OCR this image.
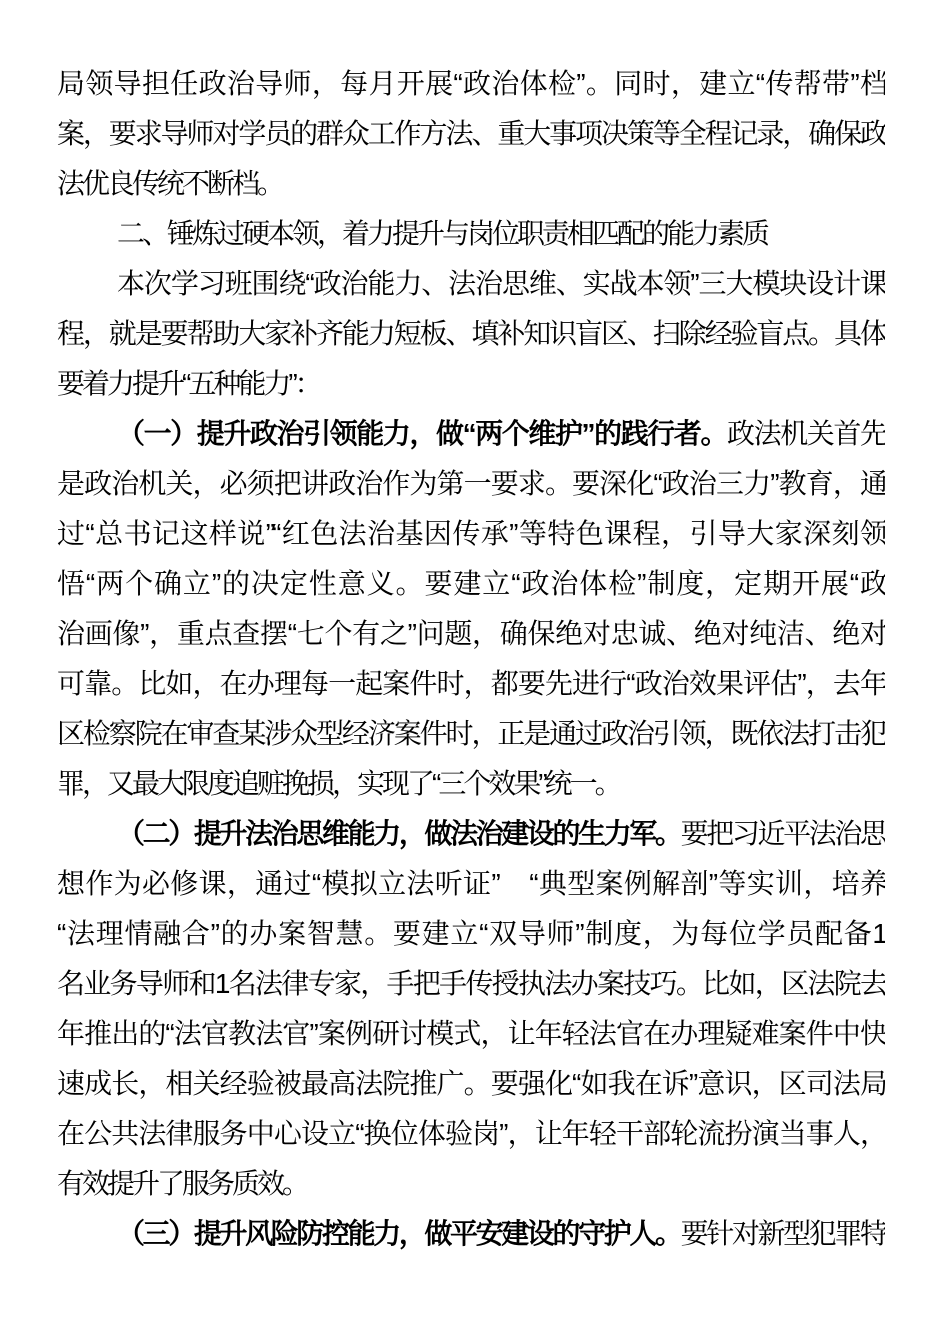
局领导担任政治导师，每月开展“政治体检”。同时，建立“传帮带”档
案，要求导师对学员的群众工作方法、重大事项决策等全程记录，确保政
法优良传统不断档。
二、锤炼过硬本领，着力提升与岗位职责相匹配的能力素质
本次学习班围绕“政治能力、法治思维、实战本领”三大模块设计课
程，就是要帮助大家补齐能力短板、填补知识盲区、扫除经验盲点。具体
要着力提升“五种能力”：
（一）提升政治引领能力，做“两个维护”的践行者。政法机关首先
是政治机关，必须把讲政治作为第一要求。要深化“政治三力”教育，通
过“总书记这样说”“红色法治基因传承”等特色课程，引导大家深刻领
悟“两个确立”的决定性意义。要建立“政治体检”制度，定期开展“政
治画像”，重点查摆“七个有之”问题，确保绝对忠诚、绝对纯洁、绝对
可靠。比如，在办理每一起案件时，都要先进行“政治效果评估”，去年
区检察院在审查某涉众型经济案件时，正是通过政治引领，既依法打击犯
罪，又最大限度追赃挽损，实现了“三个效果”统一。
（二）提升法治思维能力，做法治建设的生力军。要把习近平法治思
想作为必修课，通过“模拟立法听证”　“典型案例解剖”等实训，培养
“法理情融合”的办案智慧。要建立“双导师”制度，为每位学员配备1
名业务导师和1名法律专家，手把手传授执法办案技巧。比如，区法院去
年推出的“法官教法官”案例研讨模式，让年轻法官在办理疑难案件中快
速成长，相关经验被最高法院推广。要强化“如我在诉”意识，区司法局
在公共法律服务中心设立“换位体验岗”，让年轻干部轮流扮演当事人，
有效提升了服务质效。
（三）提升风险防控能力，做平安建设的守护人。要针对新型犯罪特
